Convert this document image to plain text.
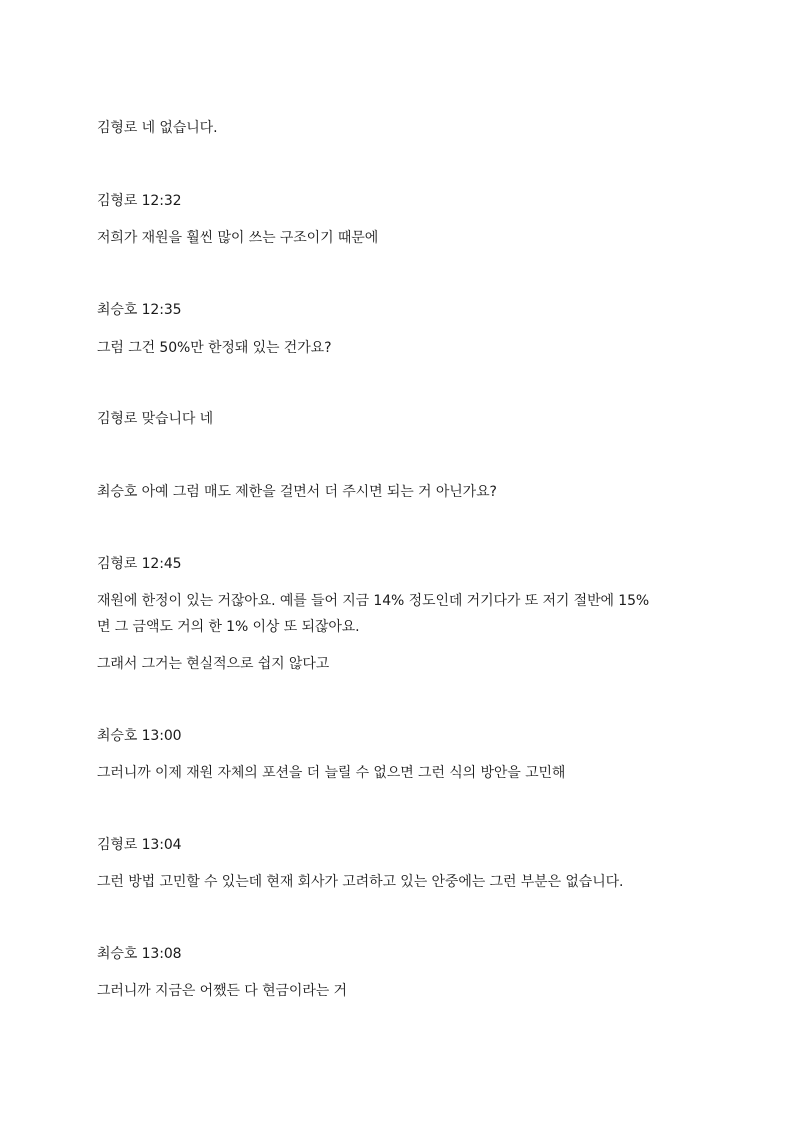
김형로 네 없습니다.
김형로 12:32
저희가 재원을 훨씬 많이 쓰는 구조이기 때문에
최승호 12:35
그럼 그건 50%만 한정돼 있는 건가요?
김형로 맞습니다 네
최승호 아예 그럼 매도 제한을 걸면서 더 주시면 되는 거 아닌가요?
김형로 12:45
재원에 한정이 있는 거잖아요. 예를 들어 지금 14% 정도인데 거기다가 또 저기 절반에 15%
면 그 금액도 거의 한 1% 이상 또 되잖아요.
그래서 그거는 현실적으로 쉽지 않다고
최승호 13:00
그러니까 이제 재원 자체의 포션을 더 늘릴 수 없으면 그런 식의 방안을 고민해
김형로 13:04
그런 방법 고민할 수 있는데 현재 회사가 고려하고 있는 안중에는 그런 부분은 없습니다.
최승호 13:08
그러니까 지금은 어쨌든 다 현금이라는 거
